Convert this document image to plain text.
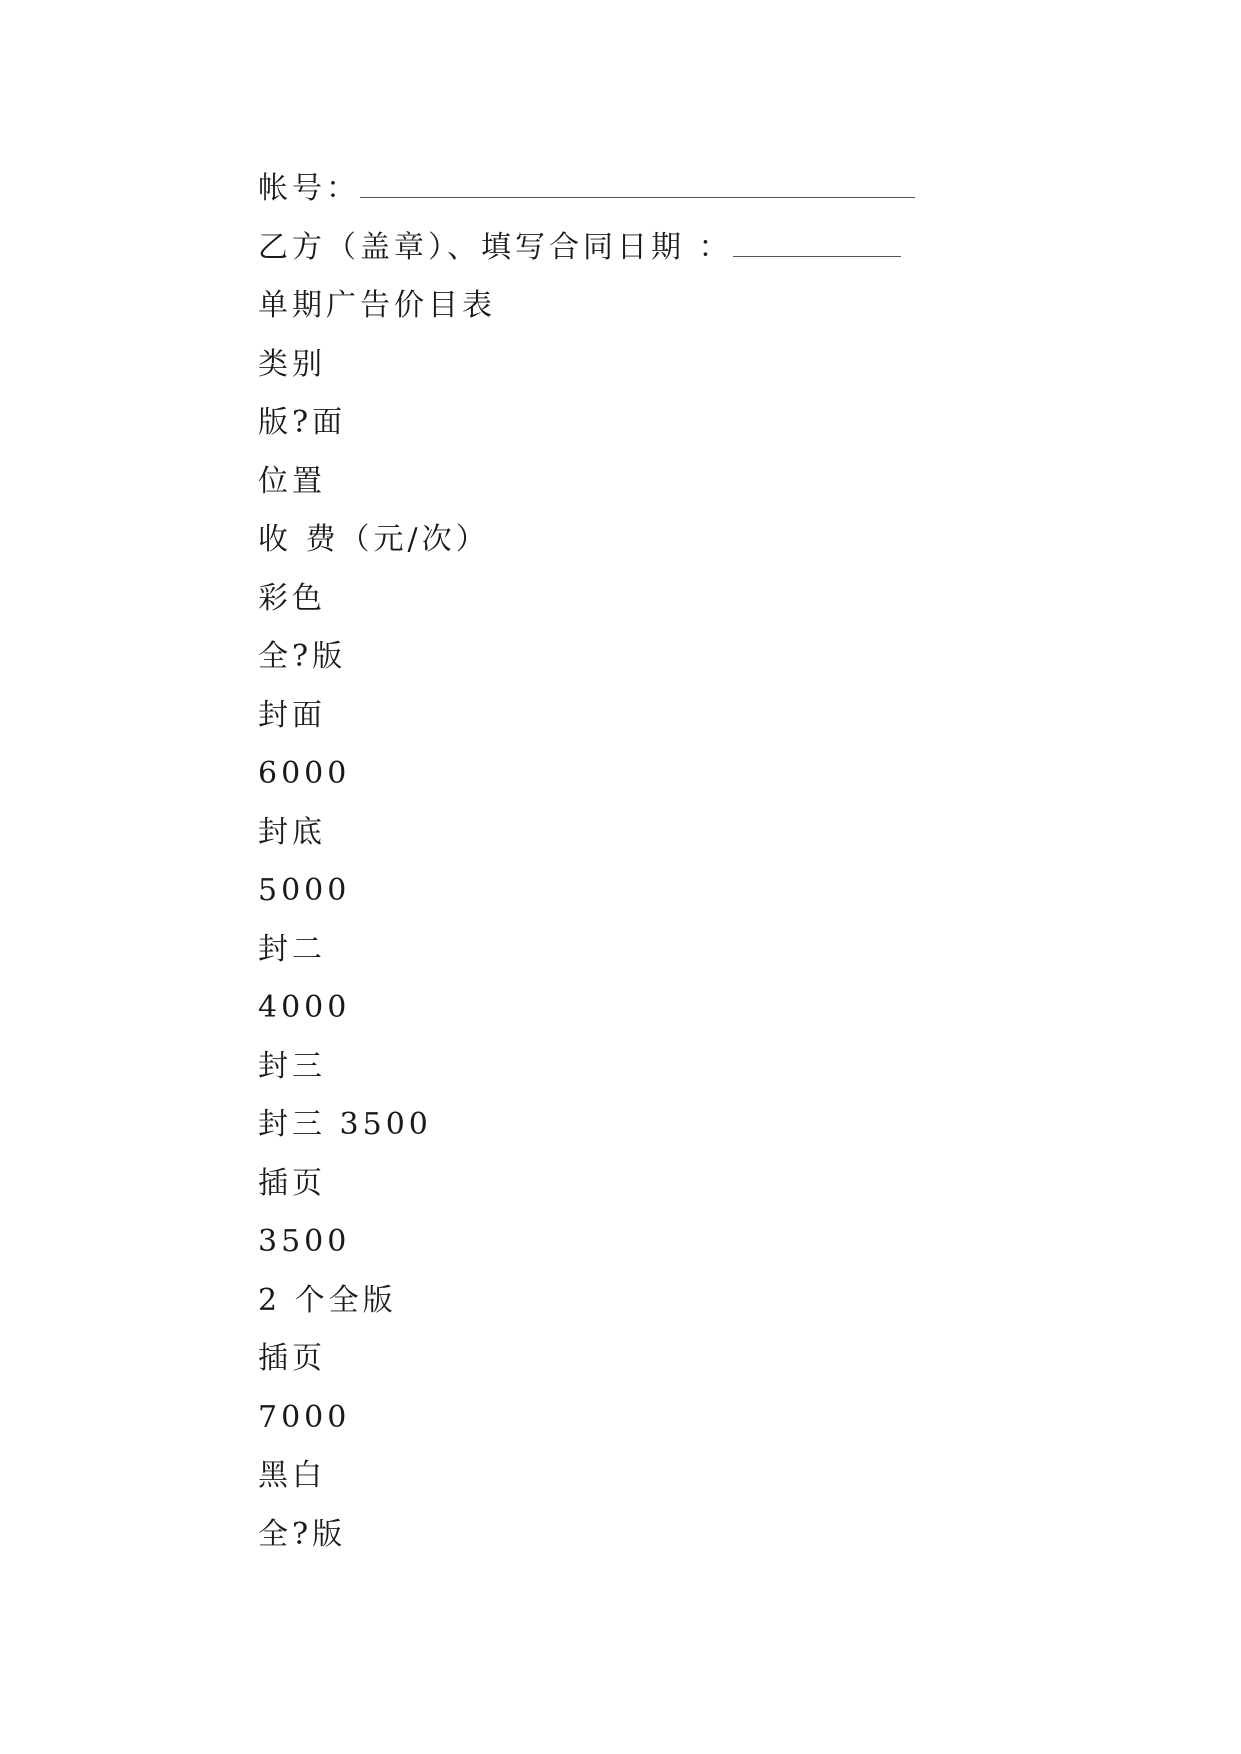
帐号：
乙方（盖章）、填写合同日期 ：
单期广告价目表
类别
版?面
位置
收 费（元/次）
彩色
全?版
封面
6000
封底
5000
封二
4000
封三
封三 3500
插页
3500
2 个全版
插页
7000
黑白
全?版
